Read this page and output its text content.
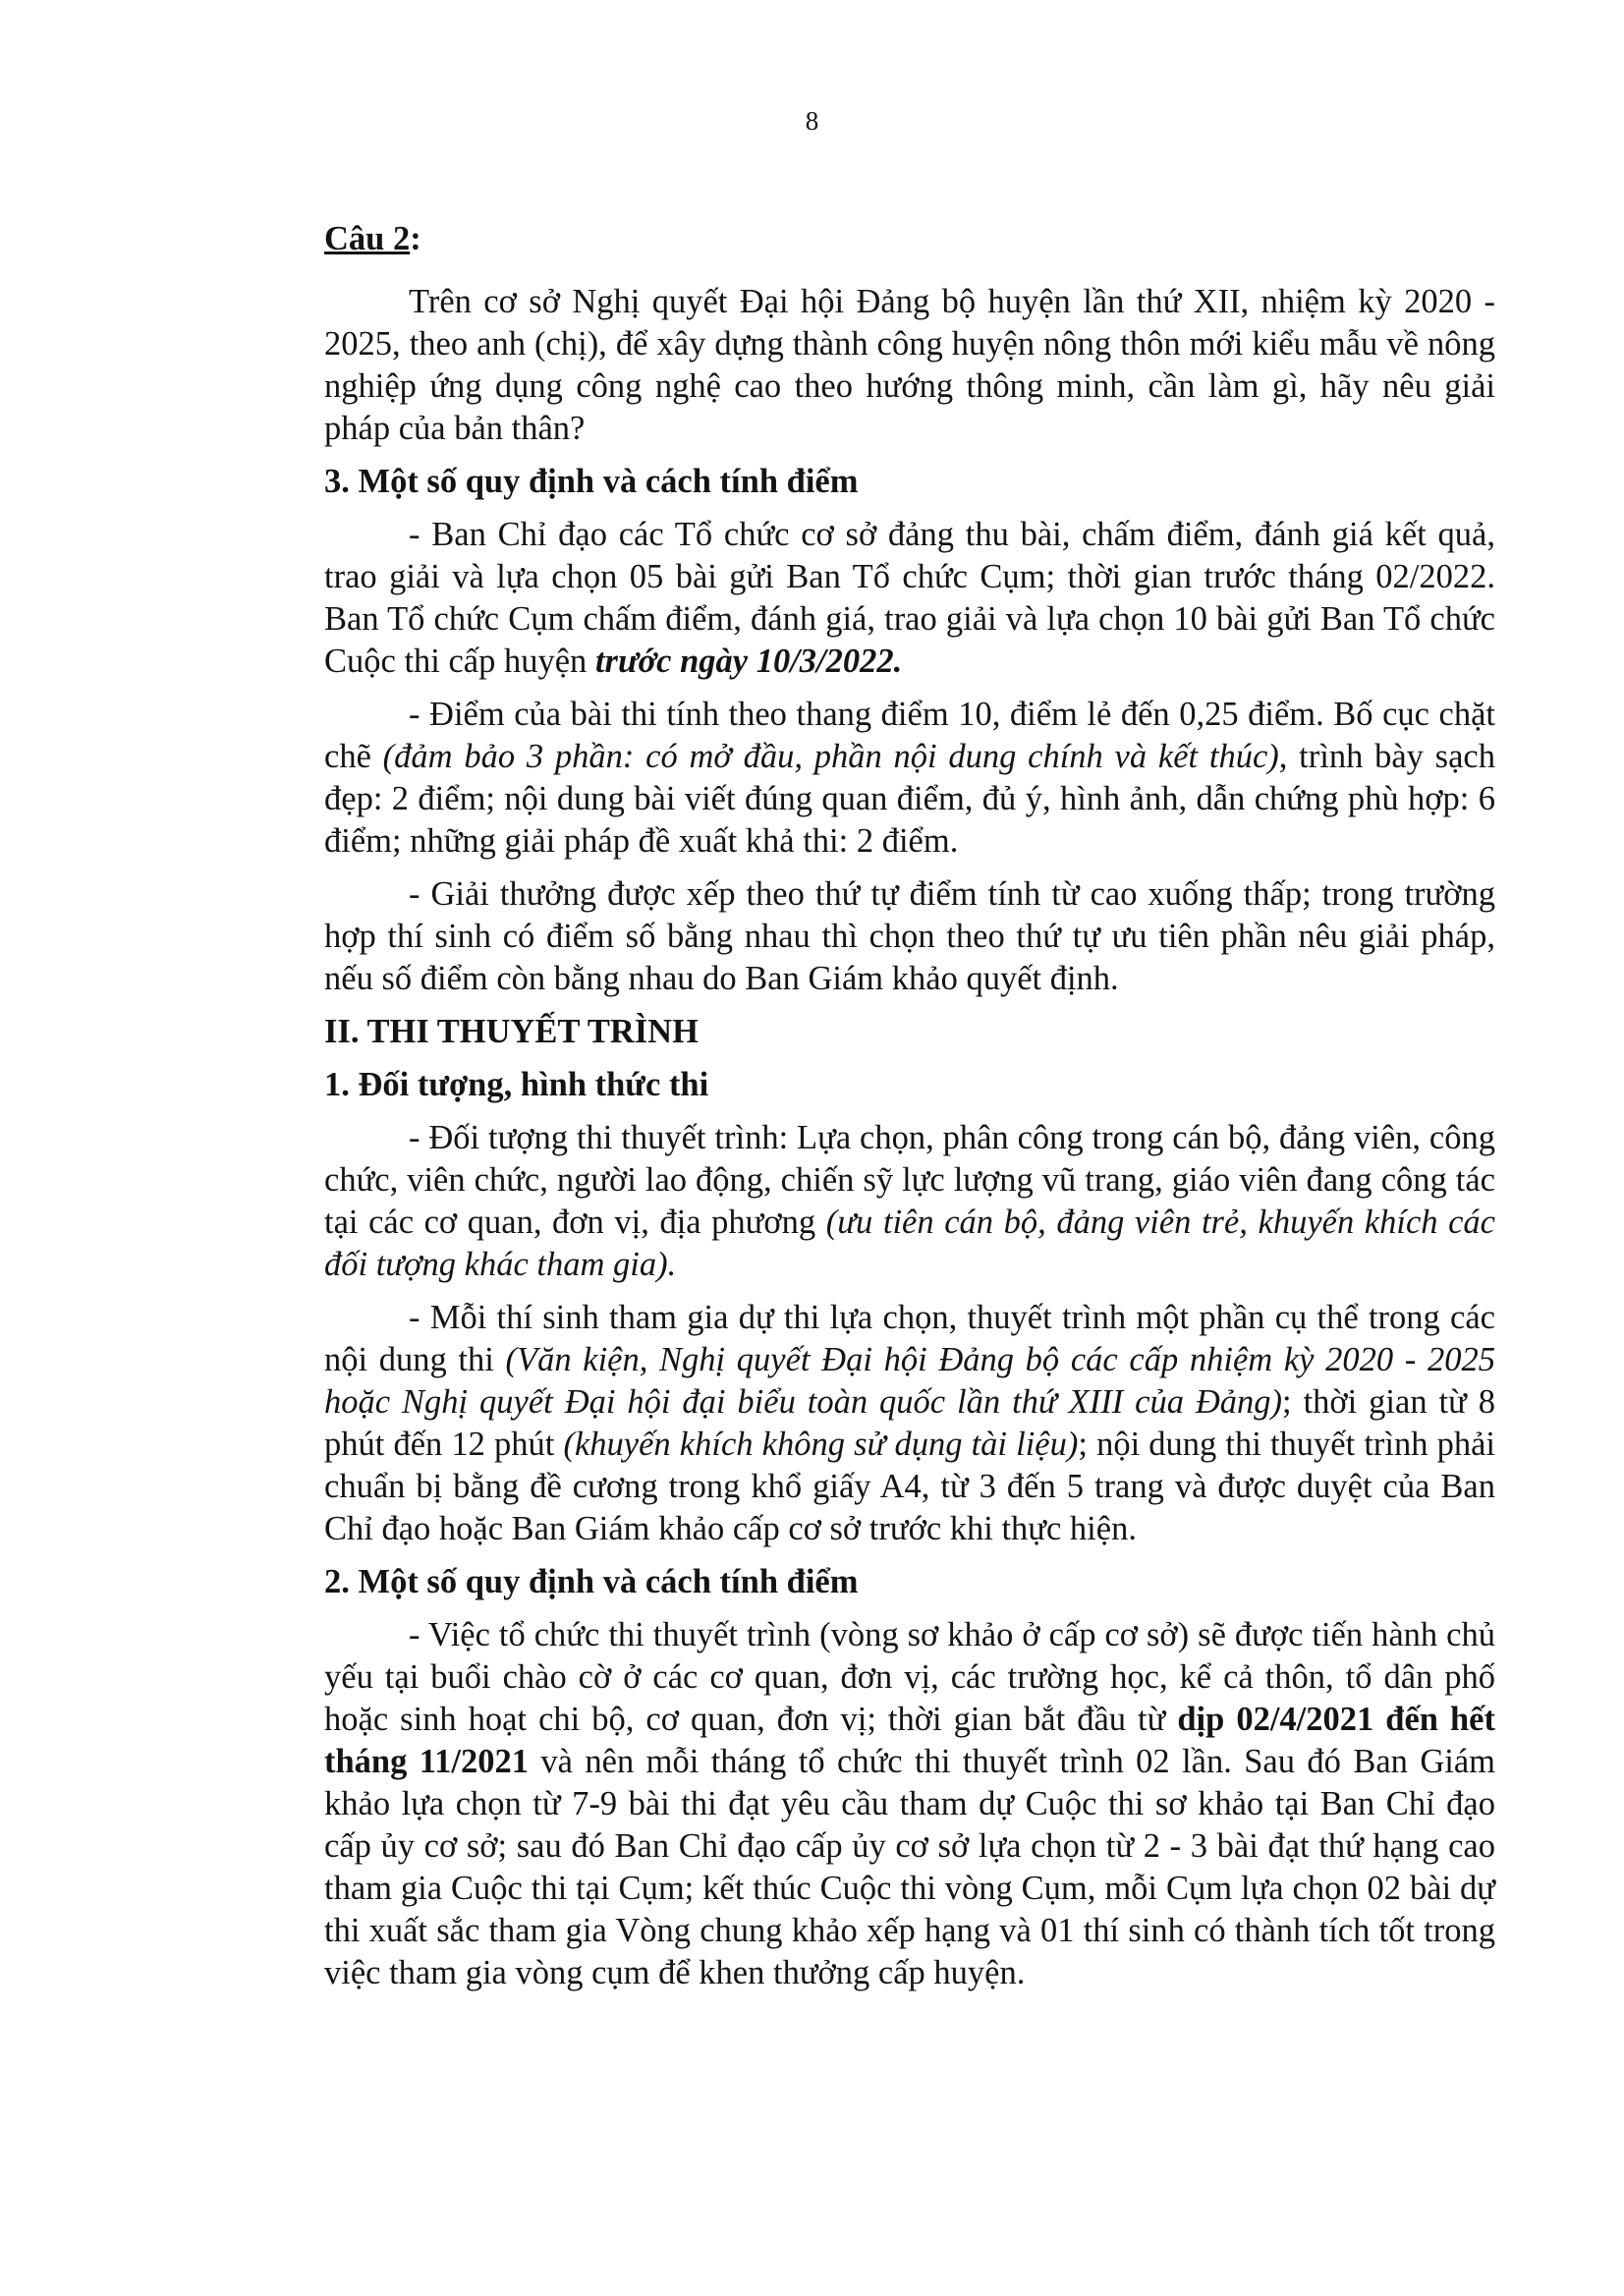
8

Câu 2:

Trên cơ sở Nghị quyết Đại hội Đảng bộ huyện lần thứ XII, nhiệm kỳ 2020 - 2025, theo anh (chị), để xây dựng thành công huyện nông thôn mới kiểu mẫu về nông nghiệp ứng dụng công nghệ cao theo hướng thông minh, cần làm gì, hãy nêu giải pháp của bản thân?

3. Một số quy định và cách tính điểm

- Ban Chỉ đạo các Tổ chức cơ sở đảng thu bài, chấm điểm, đánh giá kết quả, trao giải và lựa chọn 05 bài gửi Ban Tổ chức Cụm; thời gian trước tháng 02/2022. Ban Tổ chức Cụm chấm điểm, đánh giá, trao giải và lựa chọn 10 bài gửi Ban Tổ chức Cuộc thi cấp huyện trước ngày 10/3/2022.

- Điểm của bài thi tính theo thang điểm 10, điểm lẻ đến 0,25 điểm. Bố cục chặt chẽ (đảm bảo 3 phần: có mở đầu, phần nội dung chính và kết thúc), trình bày sạch đẹp: 2 điểm; nội dung bài viết đúng quan điểm, đủ ý, hình ảnh, dẫn chứng phù hợp: 6 điểm; những giải pháp đề xuất khả thi: 2 điểm.

- Giải thưởng được xếp theo thứ tự điểm tính từ cao xuống thấp; trong trường hợp thí sinh có điểm số bằng nhau thì chọn theo thứ tự ưu tiên phần nêu giải pháp, nếu số điểm còn bằng nhau do Ban Giám khảo quyết định.

II. THI THUYẾT TRÌNH

1. Đối tượng, hình thức thi

- Đối tượng thi thuyết trình: Lựa chọn, phân công trong cán bộ, đảng viên, công chức, viên chức, người lao động, chiến sỹ lực lượng vũ trang, giáo viên đang công tác tại các cơ quan, đơn vị, địa phương (ưu tiên cán bộ, đảng viên trẻ, khuyến khích các đối tượng khác tham gia).

- Mỗi thí sinh tham gia dự thi lựa chọn, thuyết trình một phần cụ thể trong các nội dung thi (Văn kiện, Nghị quyết Đại hội Đảng bộ các cấp nhiệm kỳ 2020 - 2025 hoặc Nghị quyết Đại hội đại biểu toàn quốc lần thứ XIII của Đảng); thời gian từ 8 phút đến 12 phút (khuyến khích không sử dụng tài liệu); nội dung thi thuyết trình phải chuẩn bị bằng đề cương trong khổ giấy A4, từ 3 đến 5 trang và được duyệt của Ban Chỉ đạo hoặc Ban Giám khảo cấp cơ sở trước khi thực hiện.

2. Một số quy định và cách tính điểm

- Việc tổ chức thi thuyết trình (vòng sơ khảo ở cấp cơ sở) sẽ được tiến hành chủ yếu tại buổi chào cờ ở các cơ quan, đơn vị, các trường học, kể cả thôn, tổ dân phố hoặc sinh hoạt chi bộ, cơ quan, đơn vị; thời gian bắt đầu từ dịp 02/4/2021 đến hết tháng 11/2021 và nên mỗi tháng tổ chức thi thuyết trình 02 lần. Sau đó Ban Giám khảo lựa chọn từ 7-9 bài thi đạt yêu cầu tham dự Cuộc thi sơ khảo tại Ban Chỉ đạo cấp ủy cơ sở; sau đó Ban Chỉ đạo cấp ủy cơ sở lựa chọn từ 2 - 3 bài đạt thứ hạng cao tham gia Cuộc thi tại Cụm; kết thúc Cuộc thi vòng Cụm, mỗi Cụm lựa chọn 02 bài dự thi xuất sắc tham gia Vòng chung khảo xếp hạng và 01 thí sinh có thành tích tốt trong việc tham gia vòng cụm để khen thưởng cấp huyện.
